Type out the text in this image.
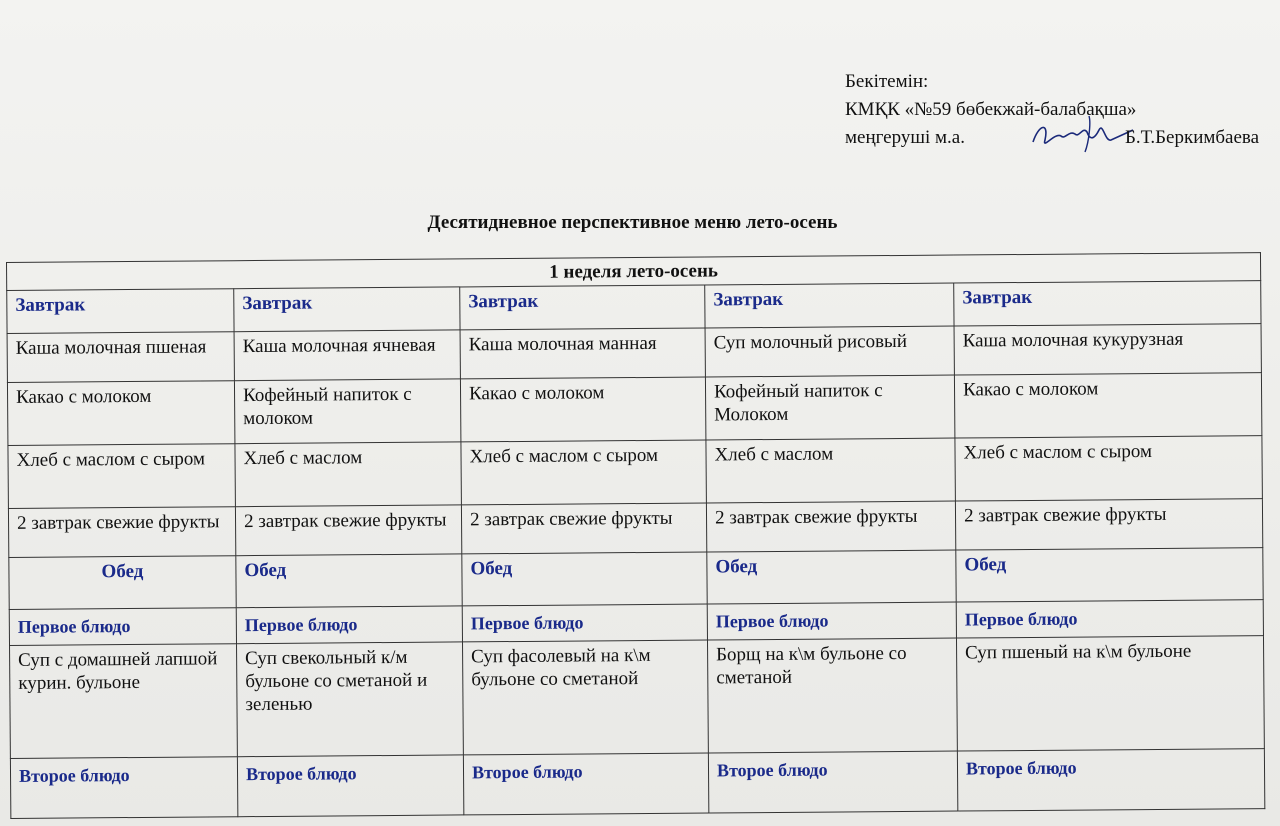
Бекітемін:
КМҚК «№59 бөбекжай-балабақша»
меңгеруші м.а.	Б.Т.Беркимбаева
Десятидневное перспективное меню лето-осень
1 неделя лето-осень				
Завтрак	Завтрак	Завтрак	Завтрак	Завтрак
Каша молочная пшеная	Каша молочная ячневая	Каша молочная манная	Суп молочный рисовый	Каша молочная кукурузная
Какао с молоком	Кофейный напиток с молоком	Какао с молоком	Кофейный напиток с Молоком	Какао с молоком
Хлеб с маслом с сыром	Хлеб с маслом	Хлеб с маслом с сыром	Хлеб с маслом	Хлеб с маслом с сыром
2 завтрак свежие фрукты	2 завтрак свежие фрукты	2 завтрак свежие фрукты	2 завтрак свежие фрукты	2 завтрак свежие фрукты
Обед	Обед	Обед	Обед	Обед
Первое блюдо	Первое блюдо	Первое блюдо	Первое блюдо	Первое блюдо
Суп с домашней лапшой курин. бульоне	Суп свекольный к/м бульоне со сметаной и зеленью	Суп фасолевый на к\м бульоне со сметаной	Борщ на к\м бульоне со сметаной	Суп пшеный на к\м бульоне
Второе блюдо	Второе блюдо	Второе блюдо	Второе блюдо	Второе блюдо
